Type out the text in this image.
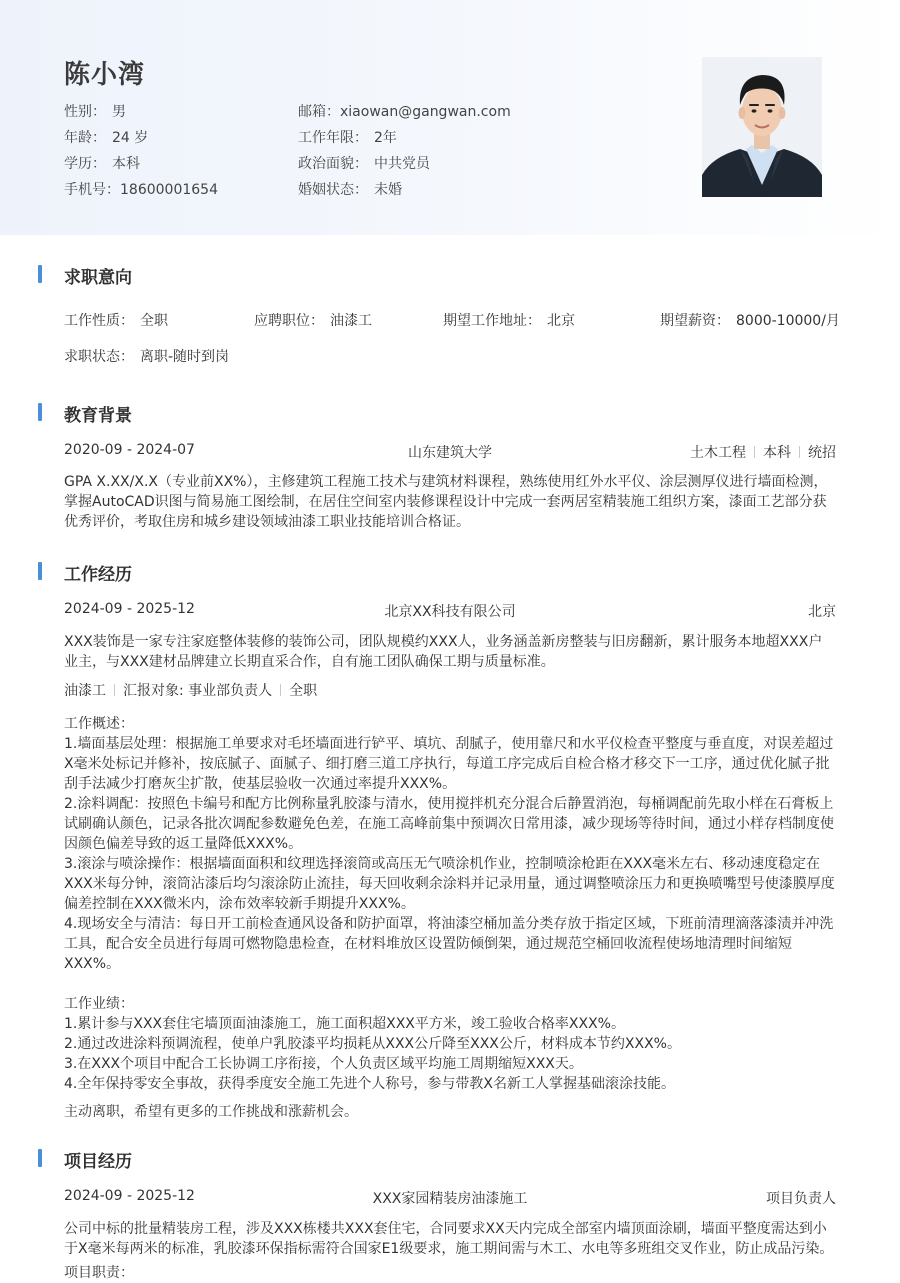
陈小湾
性别： 男
年龄： 24 岁
学历： 本科
手机号：18600001654
邮箱：xiaowan@gangwan.com
工作年限： 2年
政治面貌： 中共党员
婚姻状态： 未婚
求职意向
工作性质： 全职	应聘职位： 油漆工	期望工作地址： 北京	期望薪资： 8000-10000/月
求职状态： 离职-随时到岗
教育背景
2020-09 - 2024-07	山东建筑大学	土木工程 本科 统招
GPA X.XX/X.X（专业前XX%），主修建筑工程施工技术与建筑材料课程，熟练使用红外水平仪、涂层测厚仪进行墙面检测，掌握AutoCAD识图与简易施工图绘制，在居住空间室内装修课程设计中完成一套两居室精装施工组织方案，漆面工艺部分获优秀评价，考取住房和城乡建设领域油漆工职业技能培训合格证。
工作经历
2024-09 - 2025-12	北京XX科技有限公司	北京
XXX装饰是一家专注家庭整体装修的装饰公司，团队规模约XXX人，业务涵盖新房整装与旧房翻新，累计服务本地超XXX户业主，与XXX建材品牌建立长期直采合作，自有施工团队确保工期与质量标准。
油漆工 汇报对象: 事业部负责人 全职
工作概述：
1.墙面基层处理：根据施工单要求对毛坯墙面进行铲平、填坑、刮腻子，使用靠尺和水平仪检查平整度与垂直度，对误差超过X毫米处标记并修补，按底腻子、面腻子、细打磨三道工序执行，每道工序完成后自检合格才移交下一工序，通过优化腻子批刮手法减少打磨灰尘扩散，使基层验收一次通过率提升XXX%。
2.涂料调配：按照色卡编号和配方比例称量乳胶漆与清水，使用搅拌机充分混合后静置消泡，每桶调配前先取小样在石膏板上试刷确认颜色，记录各批次调配参数避免色差，在施工高峰前集中预调次日常用漆，减少现场等待时间，通过小样存档制度使因颜色偏差导致的返工量降低XXX%。
3.滚涂与喷涂操作：根据墙面面积和纹理选择滚筒或高压无气喷涂机作业，控制喷涂枪距在XXX毫米左右、移动速度稳定在XXX米每分钟，滚筒沾漆后均匀滚涂防止流挂，每天回收剩余涂料并记录用量，通过调整喷涂压力和更换喷嘴型号使漆膜厚度偏差控制在XXX微米内，涂布效率较新手期提升XXX%。
4.现场安全与清洁：每日开工前检查通风设备和防护面罩，将油漆空桶加盖分类存放于指定区域，下班前清理滴落漆渍并冲洗工具，配合安全员进行每周可燃物隐患检查，在材料堆放区设置防倾倒架，通过规范空桶回收流程使场地清理时间缩短XXX%。
工作业绩：
1.累计参与XXX套住宅墙顶面油漆施工，施工面积超XXX平方米，竣工验收合格率XXX%。
2.通过改进涂料预调流程，使单户乳胶漆平均损耗从XXX公斤降至XXX公斤，材料成本节约XXX%。
3.在XXX个项目中配合工长协调工序衔接，个人负责区域平均施工周期缩短XXX天。
4.全年保持零安全事故，获得季度安全施工先进个人称号，参与带教X名新工人掌握基础滚涂技能。
主动离职，希望有更多的工作挑战和涨薪机会。
项目经历
2024-09 - 2025-12	XXX家园精装房油漆施工	项目负责人
公司中标的批量精装房工程，涉及XXX栋楼共XXX套住宅，合同要求XX天内完成全部室内墙顶面涂刷，墙面平整度需达到小于X毫米每两米的标准，乳胶漆环保指标需符合国家E1级要求，施工期间需与木工、水电等多班组交叉作业，防止成品污染。
项目职责：
